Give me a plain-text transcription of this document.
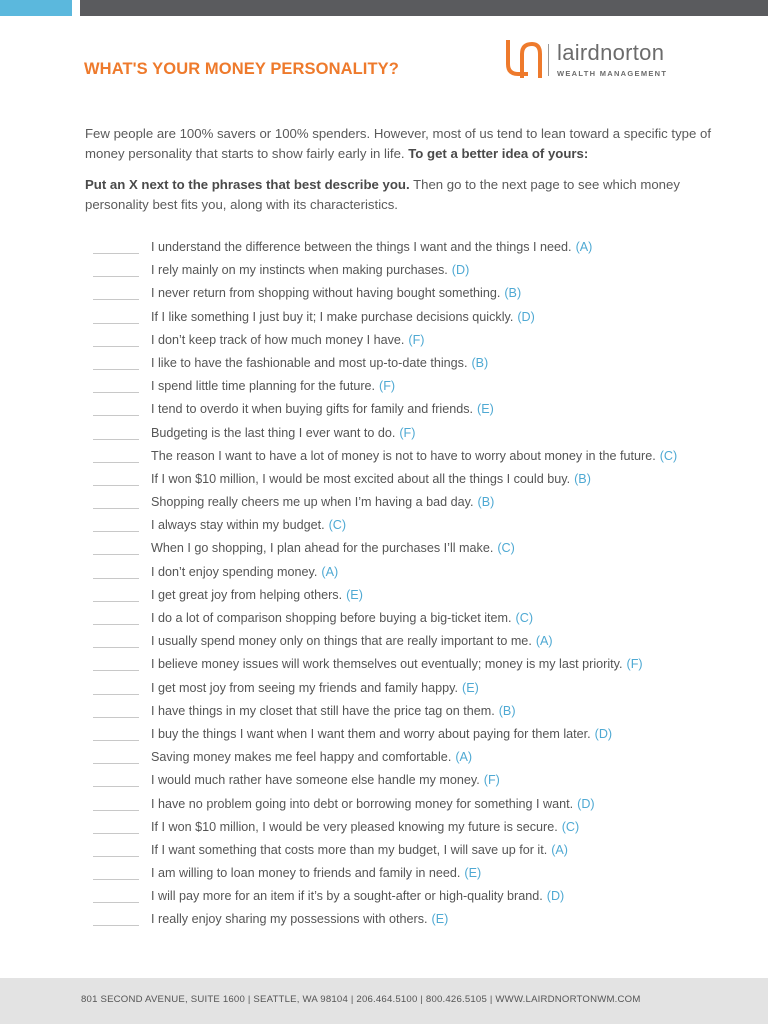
WHAT'S YOUR MONEY PERSONALITY?
lairdnorton
WEALTH MANAGEMENT

Few people are 100% savers or 100% spenders. However, most of us tend to lean toward a specific type of money personality that starts to show fairly early in life. To get a better idea of yours:

Put an X next to the phrases that best describe you. Then go to the next page to see which money personality best fits you, along with its characteristics.

I understand the difference between the things I want and the things I need. (A)
I rely mainly on my instincts when making purchases. (D)
I never return from shopping without having bought something. (B)
If I like something I just buy it; I make purchase decisions quickly. (D)
I don’t keep track of how much money I have. (F)
I like to have the fashionable and most up-to-date things. (B)
I spend little time planning for the future. (F)
I tend to overdo it when buying gifts for family and friends. (E)
Budgeting is the last thing I ever want to do. (F)
The reason I want to have a lot of money is not to have to worry about money in the future. (C)
If I won $10 million, I would be most excited about all the things I could buy. (B)
Shopping really cheers me up when I’m having a bad day. (B)
I always stay within my budget. (C)
When I go shopping, I plan ahead for the purchases I’ll make. (C)
I don’t enjoy spending money. (A)
I get great joy from helping others. (E)
I do a lot of comparison shopping before buying a big-ticket item. (C)
I usually spend money only on things that are really important to me. (A)
I believe money issues will work themselves out eventually; money is my last priority. (F)
I get most joy from seeing my friends and family happy. (E)
I have things in my closet that still have the price tag on them. (B)
I buy the things I want when I want them and worry about paying for them later. (D)
Saving money makes me feel happy and comfortable. (A)
I would much rather have someone else handle my money. (F)
I have no problem going into debt or borrowing money for something I want. (D)
If I won $10 million, I would be very pleased knowing my future is secure. (C)
If I want something that costs more than my budget, I will save up for it. (A)
I am willing to loan money to friends and family in need. (E)
I will pay more for an item if it’s by a sought-after or high-quality brand. (D)
I really enjoy sharing my possessions with others. (E)
801 SECOND AVENUE, SUITE 1600 | SEATTLE, WA 98104 | 206.464.5100 | 800.426.5105 | WWW.LAIRDNORTONWM.COM
